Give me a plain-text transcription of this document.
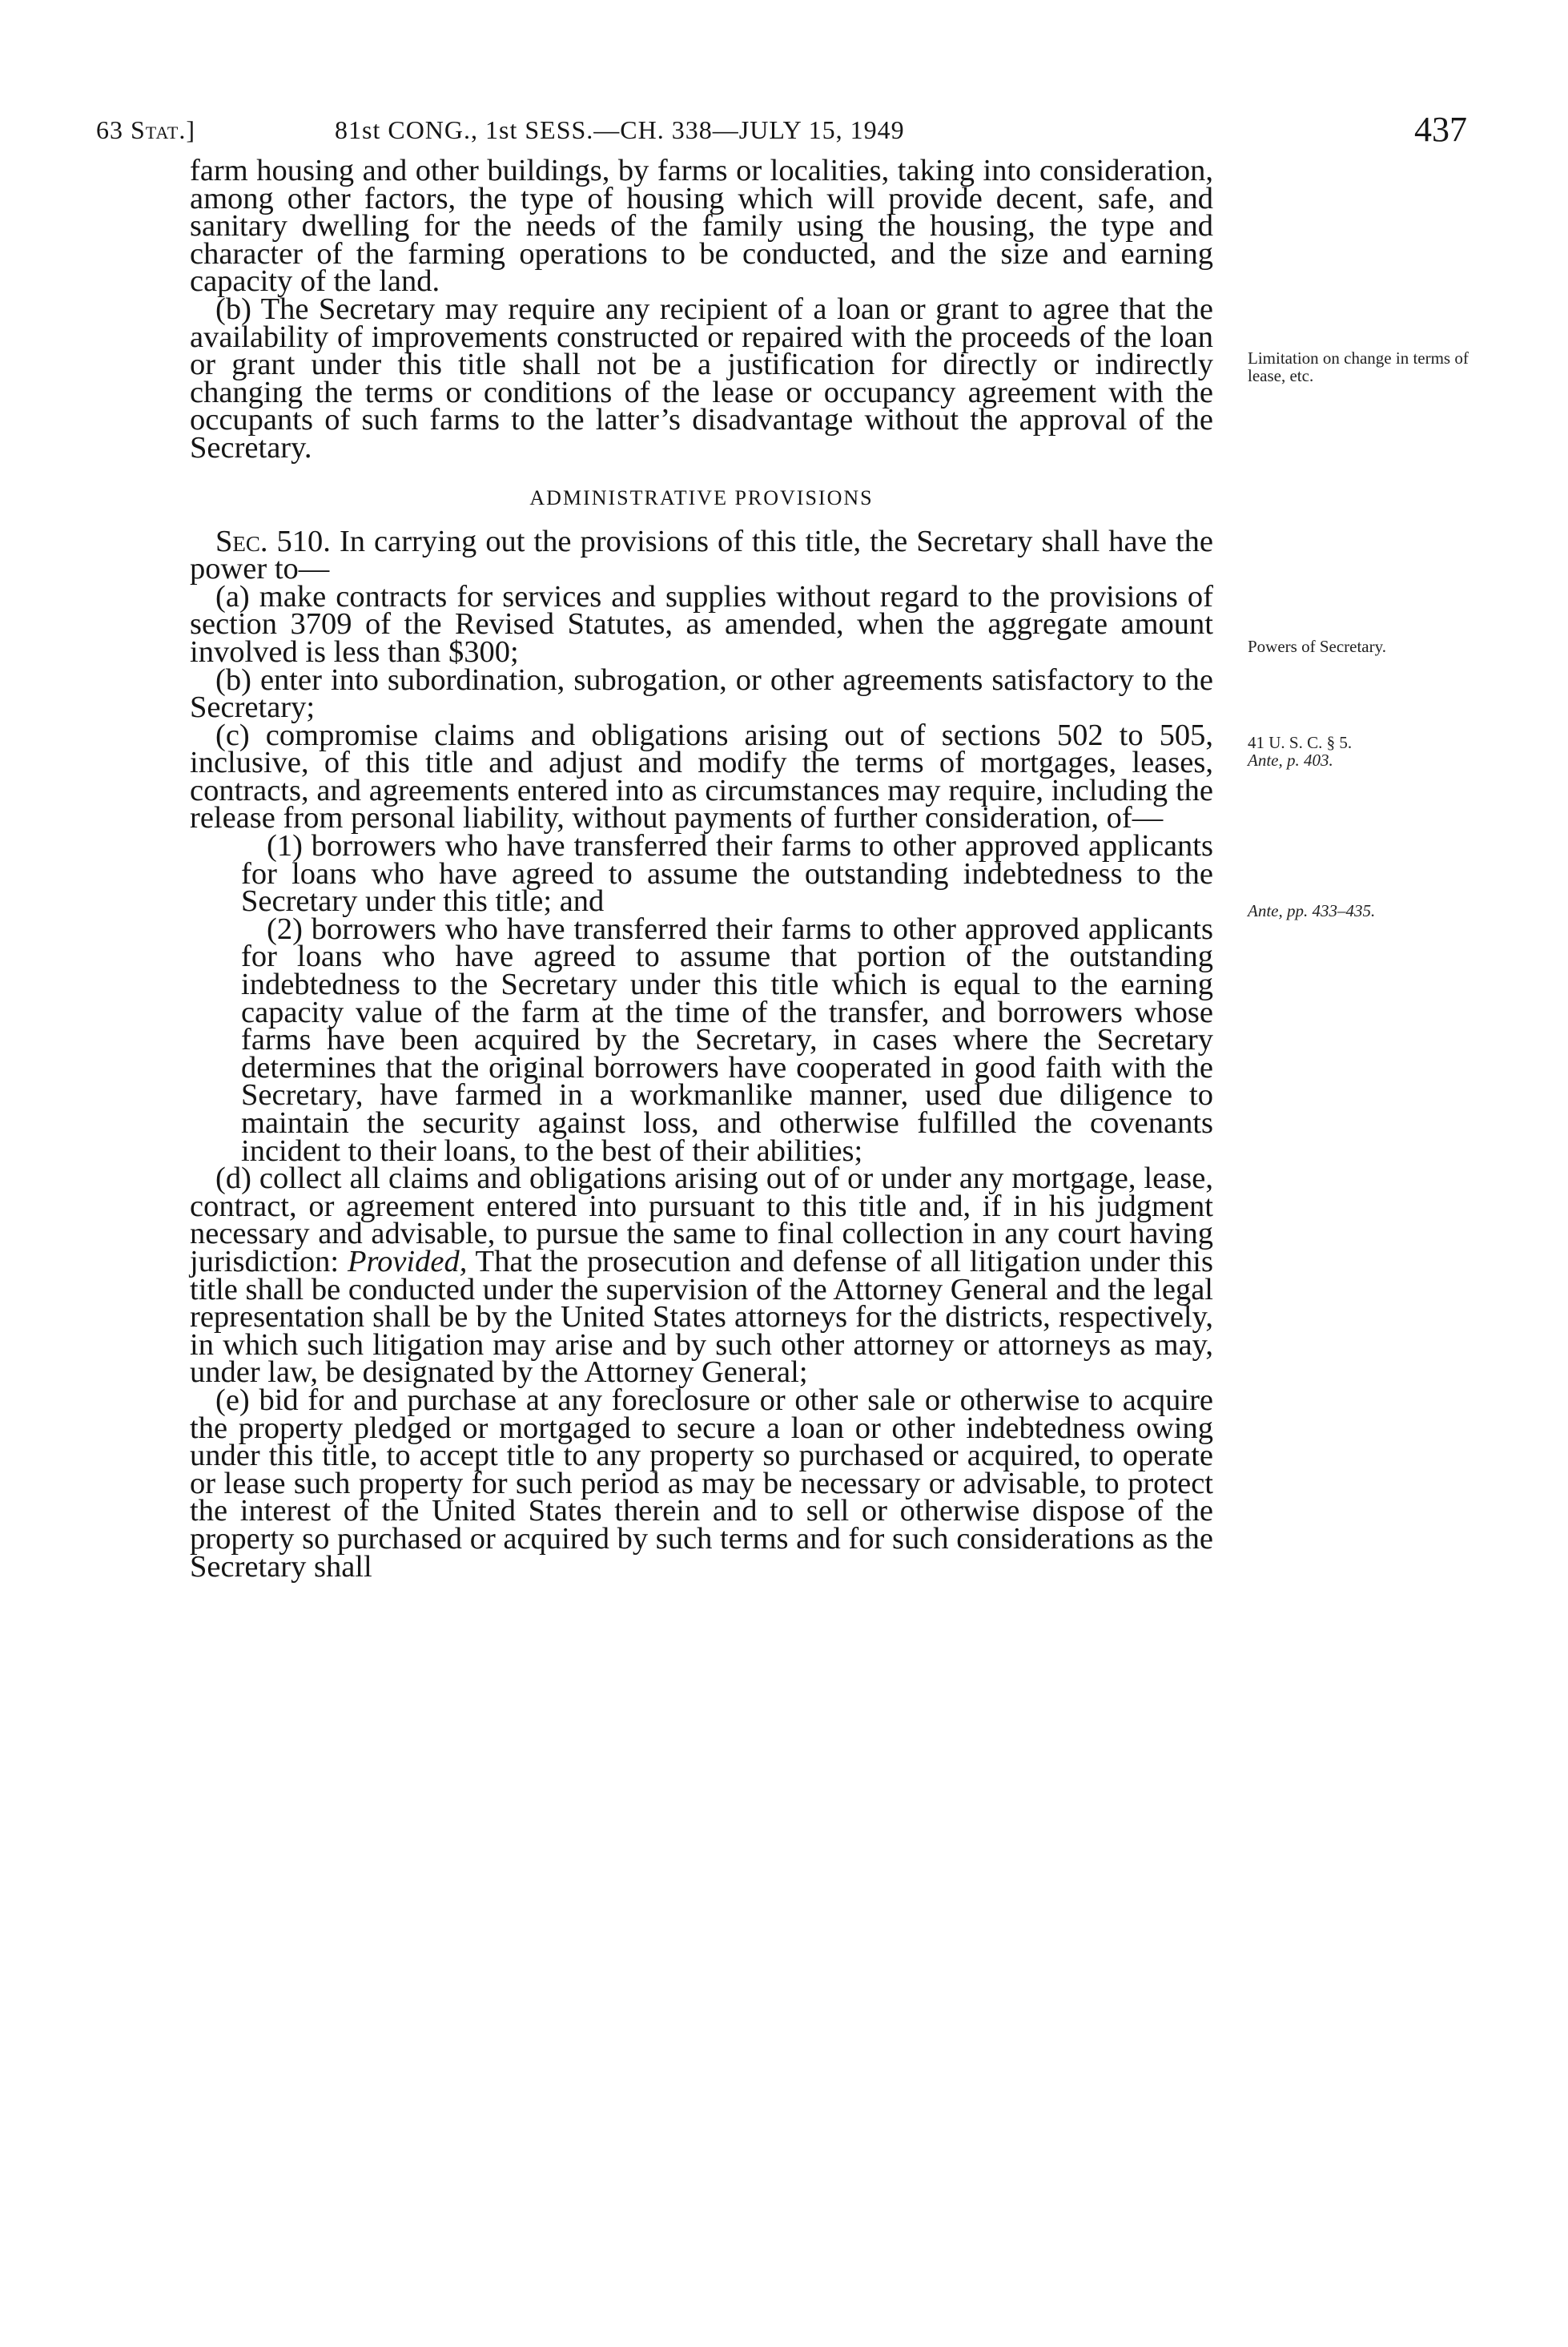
63 Stat.]	81st CONG., 1st SESS.—CH. 338—JULY 15, 1949	437

farm housing and other buildings, by farms or localities, taking into consideration, among other factors, the type of housing which will provide decent, safe, and sanitary dwelling for the needs of the family using the housing, the type and character of the farming operations to be conducted, and the size and earning capacity of the land.

(b) The Secretary may require any recipient of a loan or grant to agree that the availability of improvements constructed or repaired with the proceeds of the loan or grant under this title shall not be a justification for directly or indirectly changing the terms or conditions of the lease or occupancy agreement with the occupants of such farms to the latter’s disadvantage without the approval of the Secretary.

ADMINISTRATIVE PROVISIONS

Sec. 510. In carrying out the provisions of this title, the Secretary shall have the power to—

(a) make contracts for services and supplies without regard to the provisions of section 3709 of the Revised Statutes, as amended, when the aggregate amount involved is less than $300;

(b) enter into subordination, subrogation, or other agreements satisfactory to the Secretary;

(c) compromise claims and obligations arising out of sections 502 to 505, inclusive, of this title and adjust and modify the terms of mortgages, leases, contracts, and agreements entered into as circumstances may require, including the release from personal liability, without payments of further consideration, of—

(1) borrowers who have transferred their farms to other approved applicants for loans who have agreed to assume the outstanding indebtedness to the Secretary under this title; and

(2) borrowers who have transferred their farms to other approved applicants for loans who have agreed to assume that portion of the outstanding indebtedness to the Secretary under this title which is equal to the earning capacity value of the farm at the time of the transfer, and borrowers whose farms have been acquired by the Secretary, in cases where the Secretary determines that the original borrowers have cooperated in good faith with the Secretary, have farmed in a workmanlike manner, used due diligence to maintain the security against loss, and otherwise fulfilled the covenants incident to their loans, to the best of their abilities;

(d) collect all claims and obligations arising out of or under any mortgage, lease, contract, or agreement entered into pursuant to this title and, if in his judgment necessary and advisable, to pursue the same to final collection in any court having jurisdiction: Provided, That the prosecution and defense of all litigation under this title shall be conducted under the supervision of the Attorney General and the legal representation shall be by the United States attorneys for the districts, respectively, in which such litigation may arise and by such other attorney or attorneys as may, under law, be designated by the Attorney General;

(e) bid for and purchase at any foreclosure or other sale or otherwise to acquire the property pledged or mortgaged to secure a loan or other indebtedness owing under this title, to accept title to any property so purchased or acquired, to operate or lease such property for such period as may be necessary or advisable, to protect the interest of the United States therein and to sell or otherwise dispose of the property so purchased or acquired by such terms and for such considerations as the Secretary shall

Limitation on change in terms of lease, etc.
Powers of Secretary.
41 U. S. C. § 5.
Ante, p. 403.
Ante, pp. 433–435.
